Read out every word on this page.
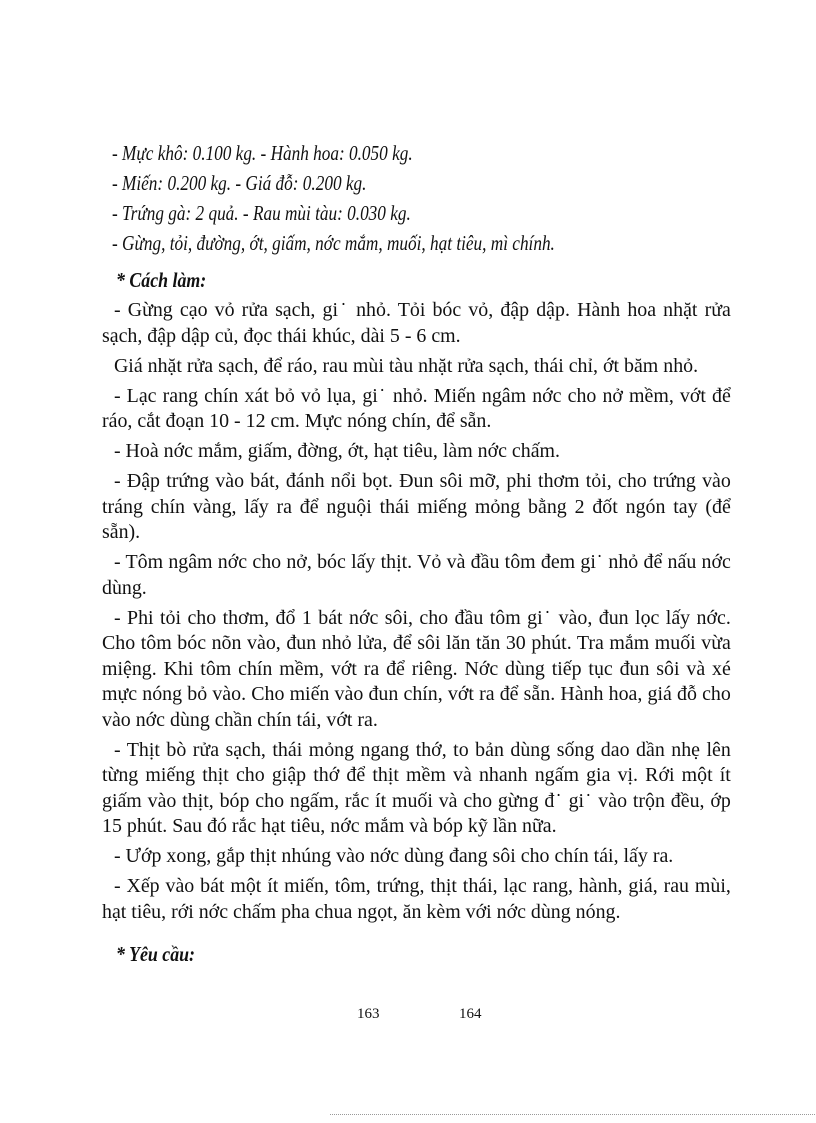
- Mực khô: 0.100 kg. - Hành hoa: 0.050 kg.
- Miến: 0.200 kg. - Giá đỗ: 0.200 kg.
- Trứng gà: 2 quả. - Rau mùi tàu: 0.030 kg.
- Gừng, tỏi, đường, ớt, giấm, nớc mắm, muối, hạt tiêu, mì chính.
* Cách làm:

- Gừng cạo vỏ rửa sạch, gi˙ nhỏ. Tỏi bóc vỏ, đập dập. Hành hoa nhặt rửa sạch, đập dập củ, đọc thái khúc, dài 5 - 6 cm.

Giá nhặt rửa sạch, để ráo, rau mùi tàu nhặt rửa sạch, thái chỉ, ớt băm nhỏ.

- Lạc rang chín xát bỏ vỏ lụa, gi˙ nhỏ. Miến ngâm nớc cho nở mềm, vớt để ráo, cắt đoạn 10 - 12 cm. Mực nóng chín, để sẵn.

- Hoà nớc mắm, giấm, đờng, ớt, hạt tiêu, làm nớc chấm.

- Đập trứng vào bát, đánh nổi bọt. Đun sôi mỡ, phi thơm tỏi, cho trứng vào tráng chín vàng, lấy ra để nguội thái miếng mỏng bằng 2 đốt ngón tay (để sẵn).

- Tôm ngâm nớc cho nở, bóc lấy thịt. Vỏ và đầu tôm đem gi˙ nhỏ để nấu nớc dùng.

- Phi tỏi cho thơm, đổ 1 bát nớc sôi, cho đầu tôm gi˙ vào, đun lọc lấy nớc. Cho tôm bóc nõn vào, đun nhỏ lửa, để sôi lăn tăn 30 phút. Tra mắm muối vừa miệng. Khi tôm chín mềm, vớt ra để riêng. Nớc dùng tiếp tục đun sôi và xé mực nóng bỏ vào. Cho miến vào đun chín, vớt ra để sẵn. Hành hoa, giá đỗ cho vào nớc dùng chần chín tái, vớt ra.

- Thịt bò rửa sạch, thái mỏng ngang thớ, to bản dùng sống dao dần nhẹ lên từng miếng thịt cho giập thớ để thịt mềm và nhanh ngấm gia vị. Rới một ít giấm vào thịt, bóp cho ngấm, rắc ít muối và cho gừng đ˙ gi˙ vào trộn đều, ớp 15 phút. Sau đó rắc hạt tiêu, nớc mắm và bóp kỹ lần nữa.

- Ướp xong, gắp thịt nhúng vào nớc dùng đang sôi cho chín tái, lấy ra.

- Xếp vào bát một ít miến, tôm, trứng, thịt thái, lạc rang, hành, giá, rau mùi, hạt tiêu, rới nớc chấm pha chua ngọt, ăn kèm với nớc dùng nóng.

* Yêu cầu:
163	164
